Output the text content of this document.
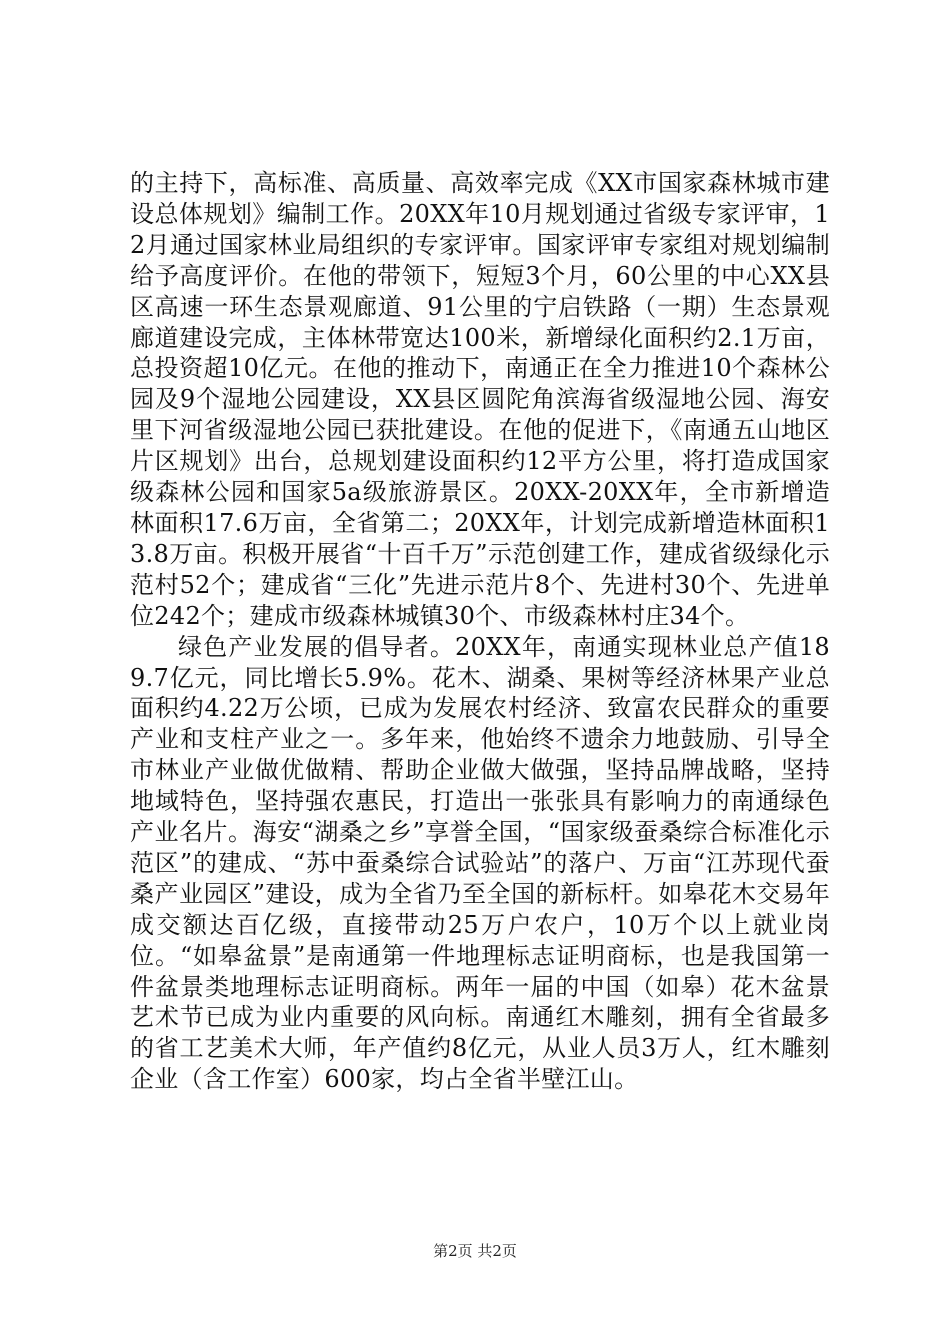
的主持下，高标准、高质量、高效率完成《XX市国家森林城市建设总体规划》编制工作。20XX年10月规划通过省级专家评审，12月通过国家林业局组织的专家评审。国家评审专家组对规划编制给予高度评价。在他的带领下，短短3个月，60公里的中心XX县区高速一环生态景观廊道、91公里的宁启铁路（一期）生态景观廊道建设完成，主体林带宽达100米，新增绿化面积约2.1万亩，总投资超10亿元。在他的推动下，南通正在全力推进10个森林公园及9个湿地公园建设，XX县区圆陀角滨海省级湿地公园、海安里下河省级湿地公园已获批建设。在他的促进下，《南通五山地区片区规划》出台，总规划建设面积约12平方公里，将打造成国家级森林公园和国家5a级旅游景区。20XX-20XX年，全市新增造林面积17.6万亩，全省第二；20XX年，计划完成新增造林面积13.8万亩。积极开展省“十百千万”示范创建工作，建成省级绿化示范村52个；建成省“三化”先进示范片8个、先进村30个、先进单位242个；建成市级森林城镇30个、市级森林村庄34个。

绿色产业发展的倡导者。20XX年，南通实现林业总产值189.7亿元，同比增长5.9%。花木、湖桑、果树等经济林果产业总面积约4.22万公顷，已成为发展农村经济、致富农民群众的重要产业和支柱产业之一。多年来，他始终不遗余力地鼓励、引导全市林业产业做优做精、帮助企业做大做强，坚持品牌战略，坚持地域特色，坚持强农惠民，打造出一张张具有影响力的南通绿色产业名片。海安“湖桑之乡”享誉全国，“国家级蚕桑综合标准化示范区”的建成、“苏中蚕桑综合试验站”的落户、万亩“江苏现代蚕桑产业园区”建设，成为全省乃至全国的新标杆。如皋花木交易年成交额达百亿级，直接带动25万户农户，10万个以上就业岗位。“如皋盆景”是南通第一件地理标志证明商标，也是我国第一件盆景类地理标志证明商标。两年一届的中国（如皋）花木盆景艺术节已成为业内重要的风向标。南通红木雕刻，拥有全省最多的省工艺美术大师，年产值约8亿元，从业人员3万人，红木雕刻企业（含工作室）600家，均占全省半壁江山。

第2页 共2页
